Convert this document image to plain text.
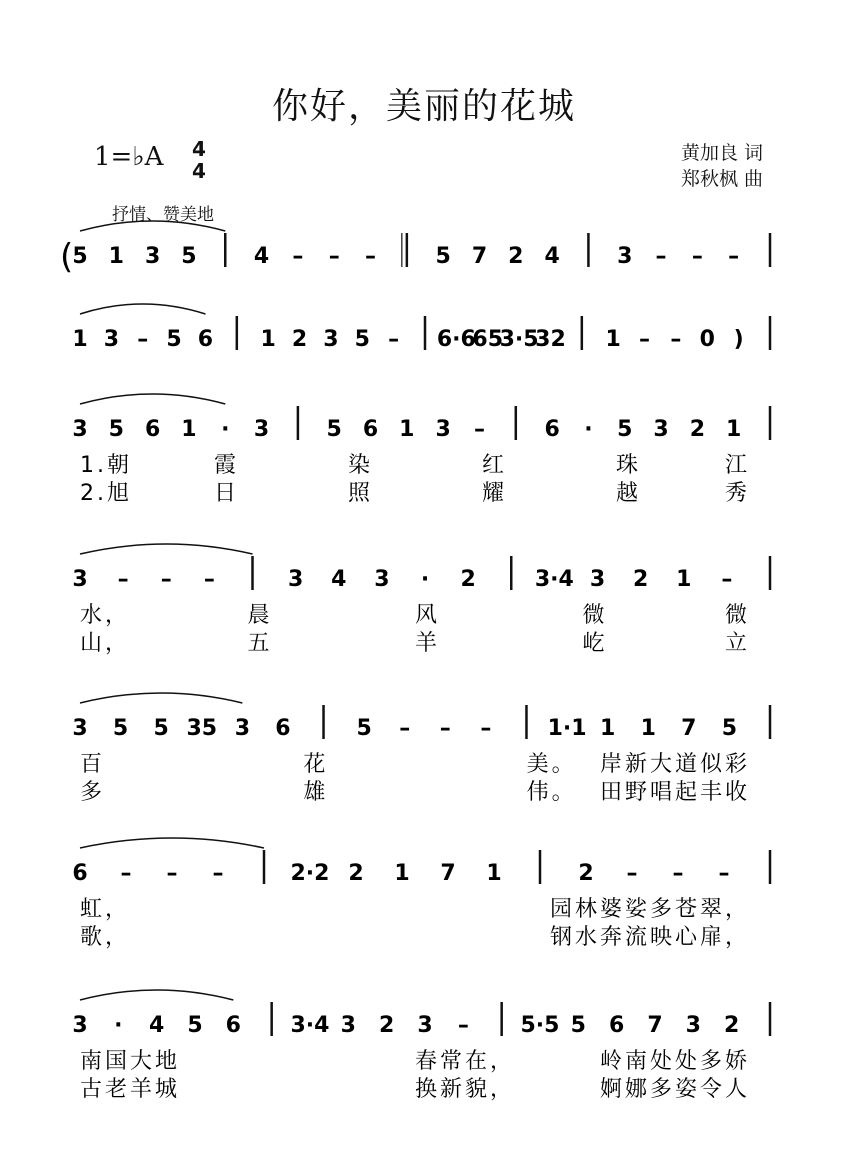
你好，美丽的花城
1=♭A 4
4
黄加良 词
郑秋枫 曲
抒情、赞美地
( 5 1 3 5	4 – – –	5 7 2 4	3 – – –
1 3 – 5 6 1 2 3 5 – 6·6
65
3·5
32 1 – – 0 )
3 5 6 1 · 3	5 6 1 3 –	6 · 5 3 2 1
1.朝	霞	染	红	珠	江
2.旭	日	照	耀	越	秀
3 – – –	3 4 3 · 2	3·4 3 2 1 –
水，	晨	风	微	微
山，	五	羊	屹	立
3 5 5 35 3 6	5 – – –	1·1 1 1 7 5
百	花	美。 岸新大道似彩
多	雄	伟。 田野唱起丰收
6 – – –	2·2 2 1 7 1	2 – – –
虹，	园林婆娑多苍翠，
歌，	钢水奔流映心扉，
3 · 4 5 6 3·4 3 2 3 – 5·5 5 6 7 3 2
南国大地	春常在，	岭南处处多娇
古老羊城	换新貌，	婀娜多姿令人
